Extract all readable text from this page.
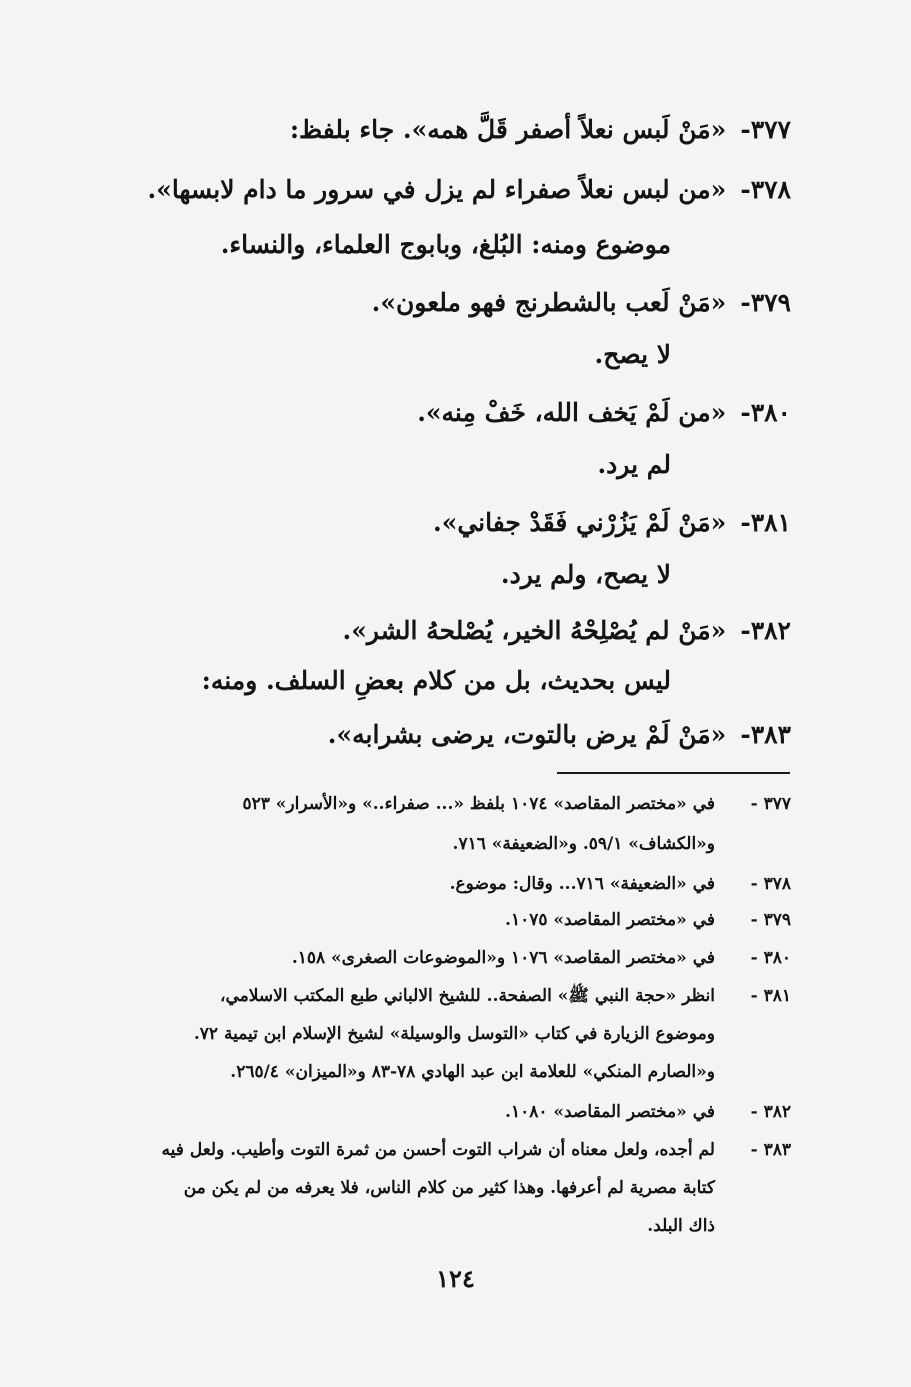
٣٧٧-«مَنْ لَبس نعلاً أصفر قَلَّ همه». جاء بلفظ:
٣٧٨-«من لبس نعلاً صفراء لم يزل في سرور ما دام لابسها».
موضوع ومنه: البُلغ، وبابوج العلماء، والنساء.
٣٧٩-«مَنْ لَعب بالشطرنج فهو ملعون».
لا يصح.
٣٨٠-«من لَمْ يَخف الله، خَفْ مِنه».
لم يرد.
٣٨١-«مَنْ لَمْ يَزُرْني فَقَدْ جفاني».
لا يصح، ولم يرد.
٣٨٢-«مَنْ لم يُصْلِحْهُ الخير، يُصْلحهُ الشر».
ليس بحديث، بل من كلام بعضِ السلف. ومنه:
٣٨٣-«مَنْ لَمْ يرض بالتوت، يرضى بشرابه».
٣٧٧ -
في «مختصر المقاصد» ١٠٧٤ بلفظ «... صفراء..» و«الأسرار» ٥٢٣
و«الكشاف» ٥٩/١. و«الضعيفة» ٧١٦.
٣٧٨ -
في «الضعيفة» ٧١٦... وقال: موضوع.
٣٧٩ -
في «مختصر المقاصد» ١٠٧٥.
٣٨٠ -
في «مختصر المقاصد» ١٠٧٦ و«الموضوعات الصغرى» ١٥٨.
٣٨١ -
انظر «حجة النبي ﷺ» الصفحة.. للشيخ الالباني طبع المكتب الاسلامي،
وموضوع الزيارة في كتاب «التوسل والوسيلة» لشيخ الإسلام ابن تيمية ٧٢.
و«الصارم المنكي» للعلامة ابن عبد الهادي ٧٨-٨٣ و«الميزان» ٢٦٥/٤.
٣٨٢ -
في «مختصر المقاصد» ١٠٨٠.
٣٨٣ -
لم أجده، ولعل معناه أن شراب التوت أحسن من ثمرة التوت وأطيب. ولعل فيه
كتابة مصرية لم أعرفها. وهذا كثير من كلام الناس، فلا يعرفه من لم يكن من
ذاك البلد.
١٢٤
